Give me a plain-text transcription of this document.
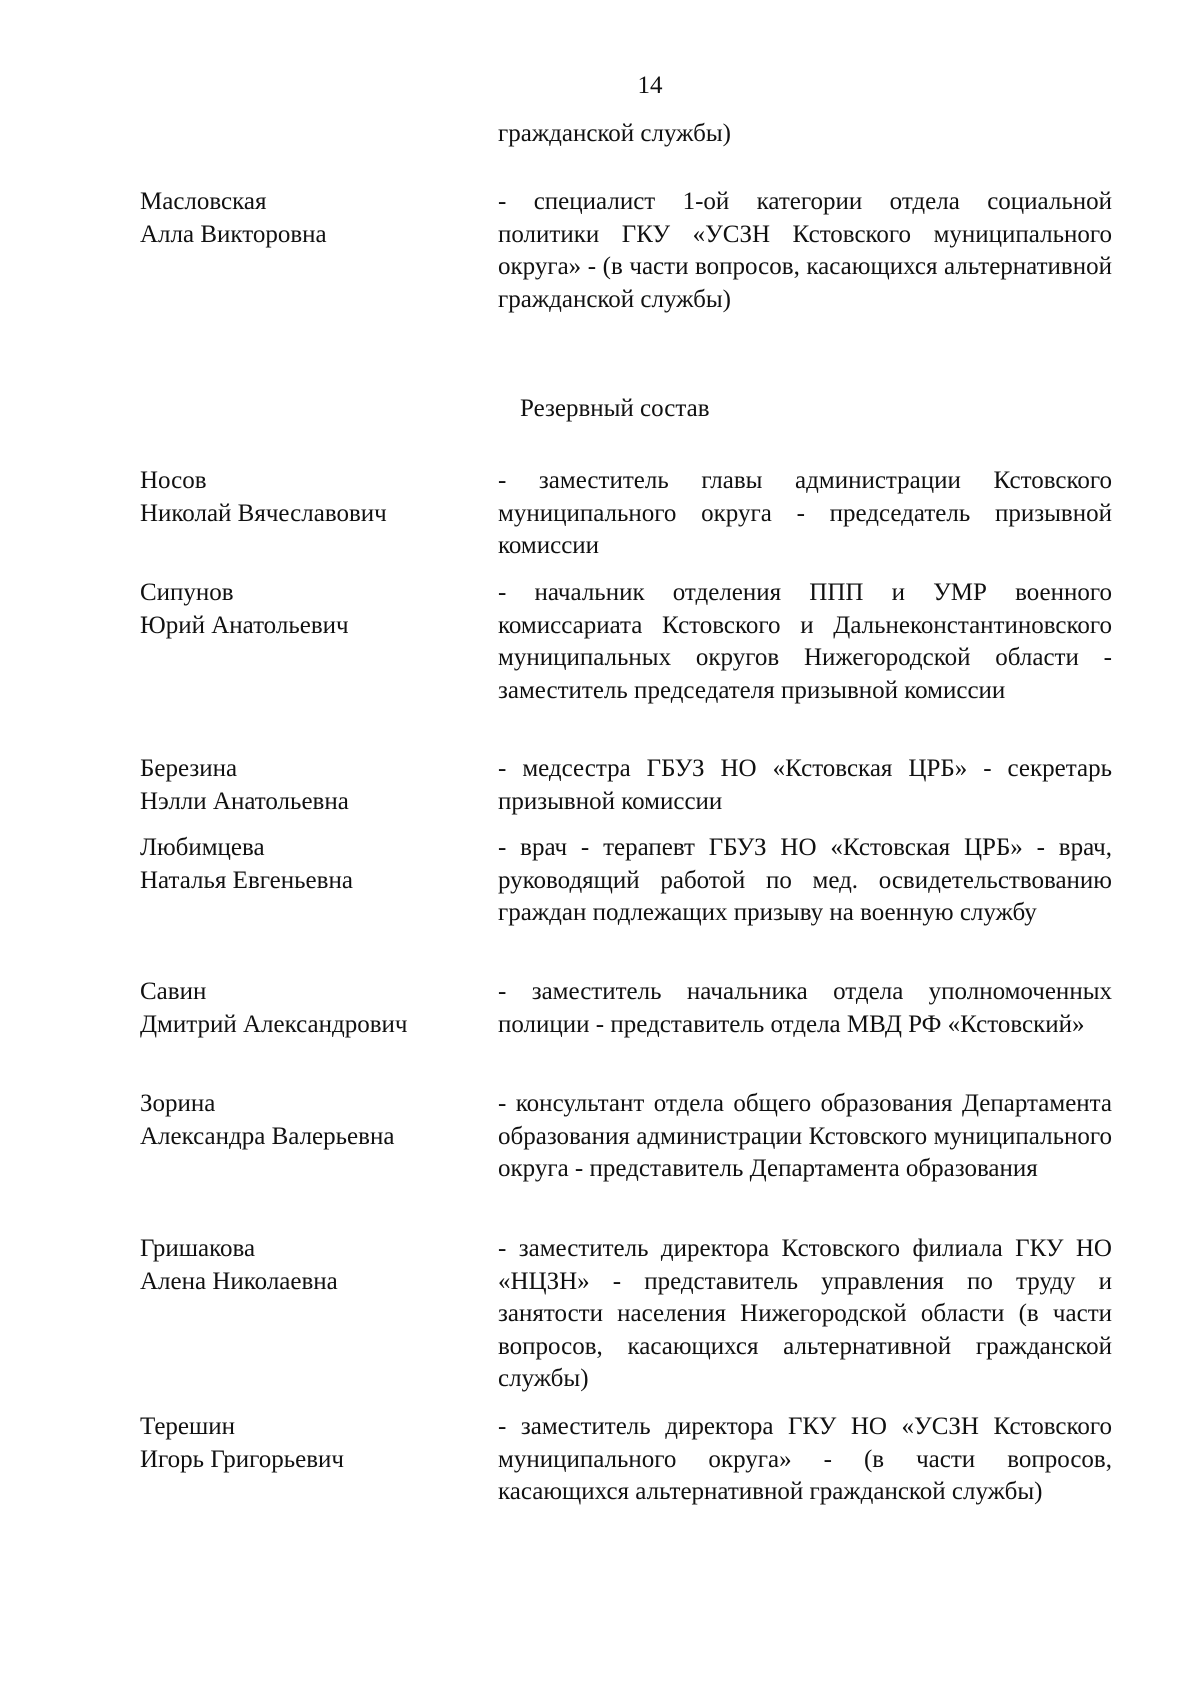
14
гражданской службы)
Масловская
Алла Викторовна
- специалист 1-ой категории отдела социальной политики ГКУ «УСЗН Кстовского муниципального округа» - (в части вопросов, касающихся альтернативной гражданской службы)
Резервный состав
Носов
Николай Вячеславович
- заместитель главы администрации Кстовского муниципального округа - председатель призывной комиссии
Сипунов
Юрий Анатольевич
- начальник отделения ППП и УМР военного комиссариата Кстовского и Дальнеконстантиновского муниципальных округов Нижегородской области - заместитель председателя призывной комиссии
Березина
Нэлли Анатольевна
- медсестра ГБУЗ НО «Кстовская ЦРБ» - секретарь призывной комиссии
Любимцева
Наталья Евгеньевна
- врач - терапевт ГБУЗ НО «Кстовская ЦРБ» - врач, руководящий работой по мед. освидетельствованию граждан подлежащих призыву на военную службу
Савин
Дмитрий Александрович
- заместитель начальника отдела уполномоченных полиции - представитель отдела МВД РФ «Кстовский»
Зорина
Александра Валерьевна
- консультант отдела общего образования Департамента образования администрации Кстовского муниципального округа - представитель Департамента образования
Гришакова
Алена Николаевна
- заместитель директора Кстовского филиала ГКУ НО «НЦЗН» - представитель управления по труду и занятости населения Нижегородской области (в части вопросов, касающихся альтернативной гражданской службы)
Терешин
Игорь Григорьевич
- заместитель директора ГКУ НО «УСЗН Кстовского муниципального округа» - (в части вопросов, касающихся альтернативной гражданской службы)
